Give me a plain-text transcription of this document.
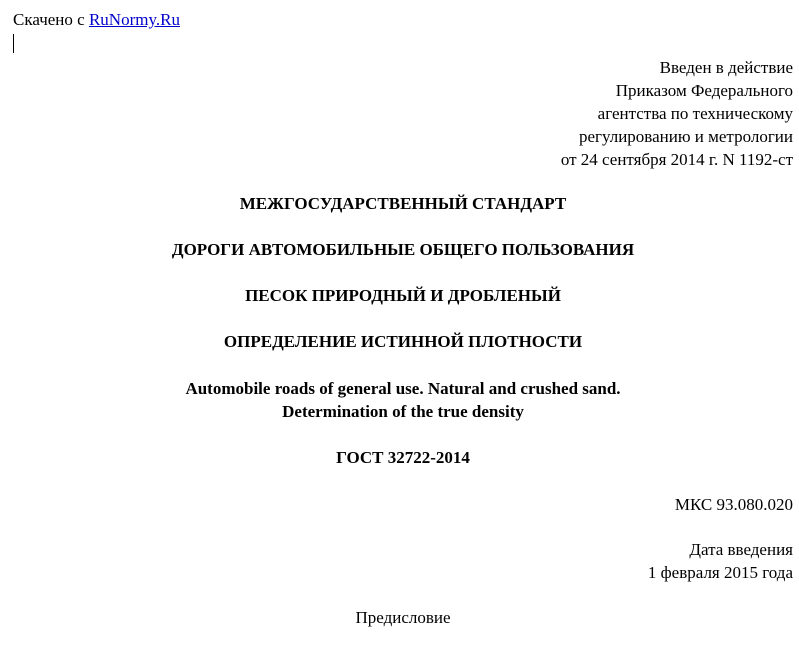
Скачено с RuNormy.Ru
Введен в действие
Приказом Федерального
агентства по техническому
регулированию и метрологии
от 24 сентября 2014 г. N 1192-ст
МЕЖГОСУДАРСТВЕННЫЙ СТАНДАРТ
ДОРОГИ АВТОМОБИЛЬНЫЕ ОБЩЕГО ПОЛЬЗОВАНИЯ
ПЕСОК ПРИРОДНЫЙ И ДРОБЛЕНЫЙ
ОПРЕДЕЛЕНИЕ ИСТИННОЙ ПЛОТНОСТИ
Automobile roads of general use. Natural and crushed sand.
Determination of the true density
ГОСТ 32722-2014
МКС 93.080.020
Дата введения
1 февраля 2015 года
Предисловие
